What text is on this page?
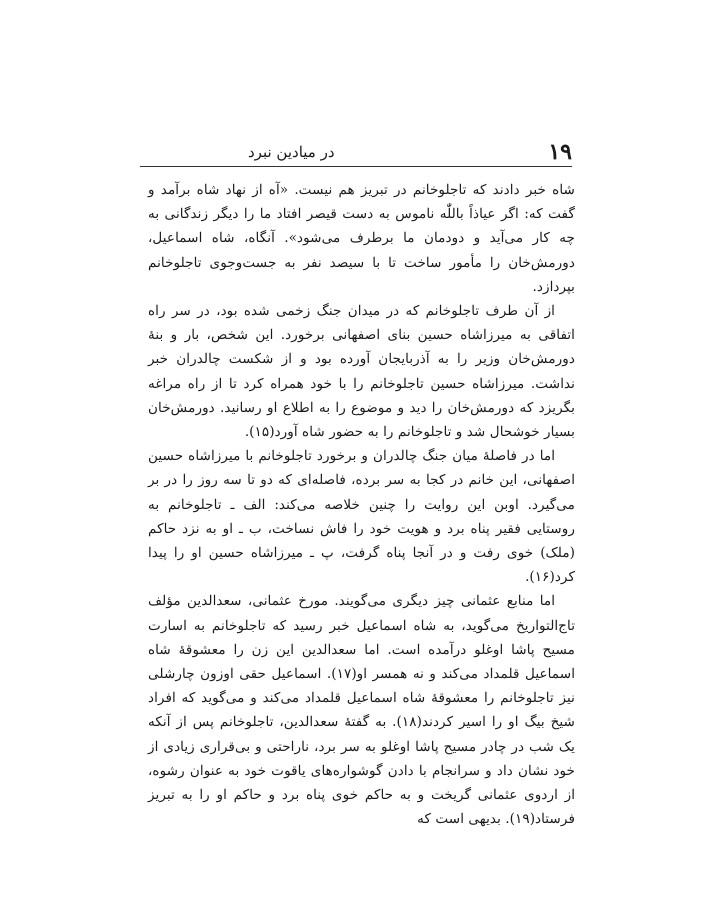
۱۹
در میادین نبرد

شاه خبر دادند که تاجلوخانم در تبریز هم نیست. «آه از نهاد شاه برآمد و گفت که: اگر عیاذاً باللّٰه ناموس به دست قیصر افتاد ما را دیگر زندگانی به چه کار می‌آید و دودمان ما برطرف می‌شود». آنگاه، شاه اسماعیل، دورمش‌خان را مأمور ساخت تا با سیصد نفر به جست‌وجوی تاجلوخانم بپردازد.

از آن طرف تاجلوخانم که در میدان جنگ زخمی شده بود، در سر راه اتفاقی به میرزاشاه حسین بنای اصفهانی برخورد. این شخص، بار و بنهٔ دورمش‌خان وزیر را به آذربایجان آورده بود و از شکست چالدران خبر نداشت. میرزاشاه حسین تاجلوخانم را با خود همراه کرد تا از راه مراغه بگریزد که دورمش‌خان را دید و موضوع را به اطلاع او رسانید. دورمش‌خان بسیار خوشحال شد و تاجلوخانم را به حضور شاه آورد(۱۵).

اما در فاصلهٔ میان جنگ چالدران و برخورد تاجلوخانم با میرزاشاه حسین اصفهانی، این خانم در کجا به سر برده، فاصله‌ای که دو تا سه روز را در بر می‌گیرد. اوبن این روایت را چنین خلاصه می‌کند: الف ـ تاجلوخانم به روستایی فقیر پناه برد و هویت خود را فاش نساخت، ب ـ او به نزد حاکم (ملک) خوی رفت و در آنجا پناه گرفت، پ ـ میرزاشاه حسین او را پیدا کرد(۱۶).

اما منابع عثمانی چیز دیگری می‌گویند. مورخ عثمانی، سعدالدین مؤلف تاج‌التواریخ می‌گوید، به شاه اسماعیل خبر رسید که تاجلوخانم به اسارت مسیح پاشا اوغلو درآمده است. اما سعدالدین این زن را معشوقهٔ شاه اسماعیل قلمداد می‌کند و نه همسر او(۱۷). اسماعیل حقی اوزون چارشلی نیز تاجلوخانم را معشوقهٔ شاه اسماعیل قلمداد می‌کند و می‌گوید که افراد شیخ بیگ او را اسیر کردند(۱۸). به گفتهٔ سعدالدین، تاجلوخانم پس از آنکه یک شب در چادر مسیح پاشا اوغلو به سر برد، ناراحتی و بی‌قراری زیادی از خود نشان داد و سرانجام با دادن گوشواره‌های یاقوت خود به عنوان رشوه، از اردوی عثمانی گریخت و به حاکم خوی پناه برد و حاکم او را به تبریز فرستاد(۱۹). بدیهی است که
